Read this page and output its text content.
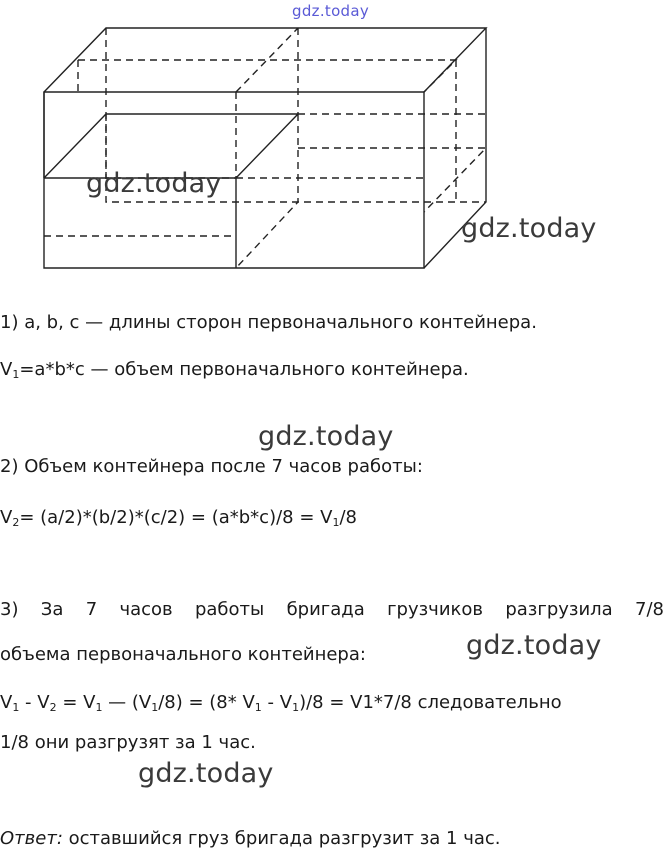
gdz.today
gdz.today
gdz.today
1) a, b, c — длины сторон первоначального контейнера.
$V_1=a*b*c$ — объем первоначального контейнера.
gdz.today
2) Объем контейнера после 7 часов работы:
$V_2= (a/2)*(b/2)*(c/2) = (a*b*c)/8 = V_1/8$
3) За 7 часов работы бригада грузчиков разгрузила 7/8
объема первоначального контейнера:	gdz.today
$V_1 - V_2 = V_1$ — $(V_1/8) = (8*$ $V_1 - V_1)/8 = V1*7/8$ следовательно
1/8 они разгрузят за 1 час.
gdz.today
Ответ: оставшийся груз бригада разгрузит за 1 час.
